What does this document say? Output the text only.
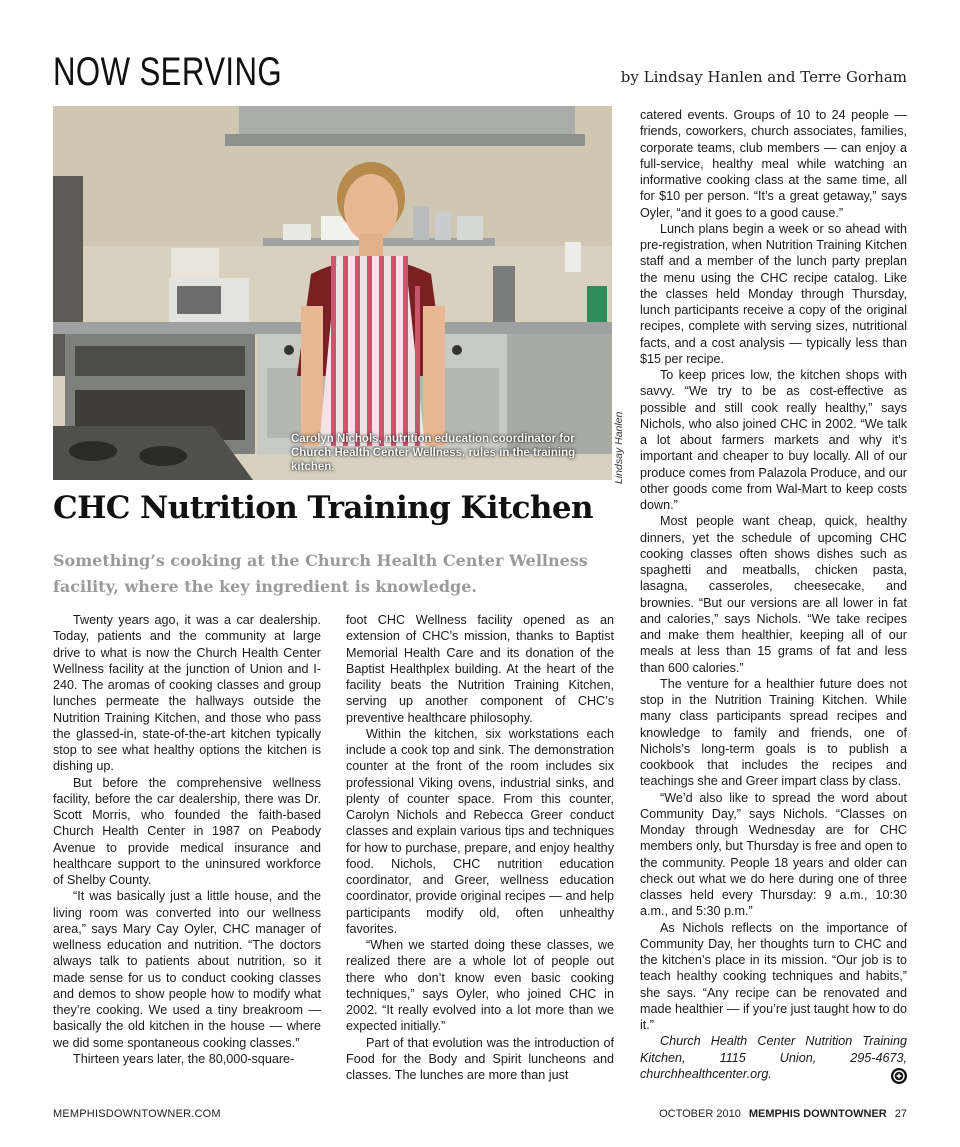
NOW SERVING	by Lindsay Hanlen and Terre Gorham
Carolyn Nichols, nutrition education coordinator for Church Health Center Wellness, rules in the training kitchen.	Lindsay Hanlen
CHC Nutrition Training Kitchen
Something’s cooking at the Church Health Center Wellness facility, where the key ingredient is knowledge.

Twenty years ago, it was a car dealership. Today, patients and the community at large drive to what is now the Church Health Center Wellness facility at the junction of Union and I-240. The aromas of cooking classes and group lunches permeate the hallways outside the Nutrition Training Kitchen, and those who pass the glassed-in, state-of-the-art kitchen typically stop to see what healthy options the kitchen is dishing up.

But before the comprehensive wellness facility, before the car dealership, there was Dr. Scott Morris, who founded the faith-based Church Health Center in 1987 on Peabody Avenue to provide medical insurance and healthcare support to the uninsured workforce of Shelby County.

“It was basically just a little house, and the living room was converted into our wellness area,” says Mary Cay Oyler, CHC manager of wellness education and nutrition. “The doctors always talk to patients about nutrition, so it made sense for us to conduct cooking classes and demos to show people how to modify what they’re cooking. We used a tiny breakroom — basically the old kitchen in the house — where we did some spontaneous cooking classes.”

Thirteen years later, the 80,000-square-

foot CHC Wellness facility opened as an extension of CHC’s mission, thanks to Baptist Memorial Health Care and its donation of the Baptist Healthplex building. At the heart of the facility beats the Nutrition Training Kitchen, serving up another component of CHC’s preventive healthcare philosophy.

Within the kitchen, six workstations each include a cook top and sink. The demonstration counter at the front of the room includes six professional Viking ovens, industrial sinks, and plenty of counter space. From this counter, Carolyn Nichols and Rebecca Greer conduct classes and explain various tips and techniques for how to purchase, prepare, and enjoy healthy food. Nichols, CHC nutrition education coordinator, and Greer, wellness education coordinator, provide original recipes — and help participants modify old, often unhealthy favorites.

“When we started doing these classes, we realized there are a whole lot of people out there who don’t know even basic cooking techniques,” says Oyler, who joined CHC in 2002. “It really evolved into a lot more than we expected initially.”

Part of that evolution was the introduction of Food for the Body and Spirit luncheons and classes. The lunches are more than just

catered events. Groups of 10 to 24 people — friends, coworkers, church associates, families, corporate teams, club members — can enjoy a full-service, healthy meal while watching an informative cooking class at the same time, all for $10 per person. “It’s a great getaway,” says Oyler, “and it goes to a good cause.”

Lunch plans begin a week or so ahead with pre-registration, when Nutrition Training Kitchen staff and a member of the lunch party preplan the menu using the CHC recipe catalog. Like the classes held Monday through Thursday, lunch participants receive a copy of the original recipes, complete with serving sizes, nutritional facts, and a cost analysis — typically less than $15 per recipe.

To keep prices low, the kitchen shops with savvy. “We try to be as cost-effective as possible and still cook really healthy,” says Nichols, who also joined CHC in 2002. “We talk a lot about farmers markets and why it’s important and cheaper to buy locally. All of our produce comes from Palazola Produce, and our other goods come from Wal-Mart to keep costs down.”

Most people want cheap, quick, healthy dinners, yet the schedule of upcoming CHC cooking classes often shows dishes such as spaghetti and meatballs, chicken pasta, lasagna, casseroles, cheesecake, and brownies. “But our versions are all lower in fat and calories,” says Nichols. “We take recipes and make them healthier, keeping all of our meals at less than 15 grams of fat and less than 600 calories.”

The venture for a healthier future does not stop in the Nutrition Training Kitchen. While many class participants spread recipes and knowledge to family and friends, one of Nichols’s long-term goals is to publish a cookbook that includes the recipes and teachings she and Greer impart class by class.

“We’d also like to spread the word about Community Day,” says Nichols. “Classes on Monday through Wednesday are for CHC members only, but Thursday is free and open to the community. People 18 years and older can check out what we do here during one of three classes held every Thursday: 9 a.m., 10:30 a.m., and 5:30 p.m.”

As Nichols reflects on the importance of Community Day, her thoughts turn to CHC and the kitchen’s place in its mission. “Our job is to teach healthy cooking techniques and habits,” she says. “Any recipe can be renovated and made healthier — if you’re just taught how to do it.”

Church Health Center Nutrition Training Kitchen, 1115 Union, 295-4673, churchhealthcenter.org.

MEMPHISDOWNTOWNER.COM	OCTOBER 2010 MEMPHIS DOWNTOWNER 27
